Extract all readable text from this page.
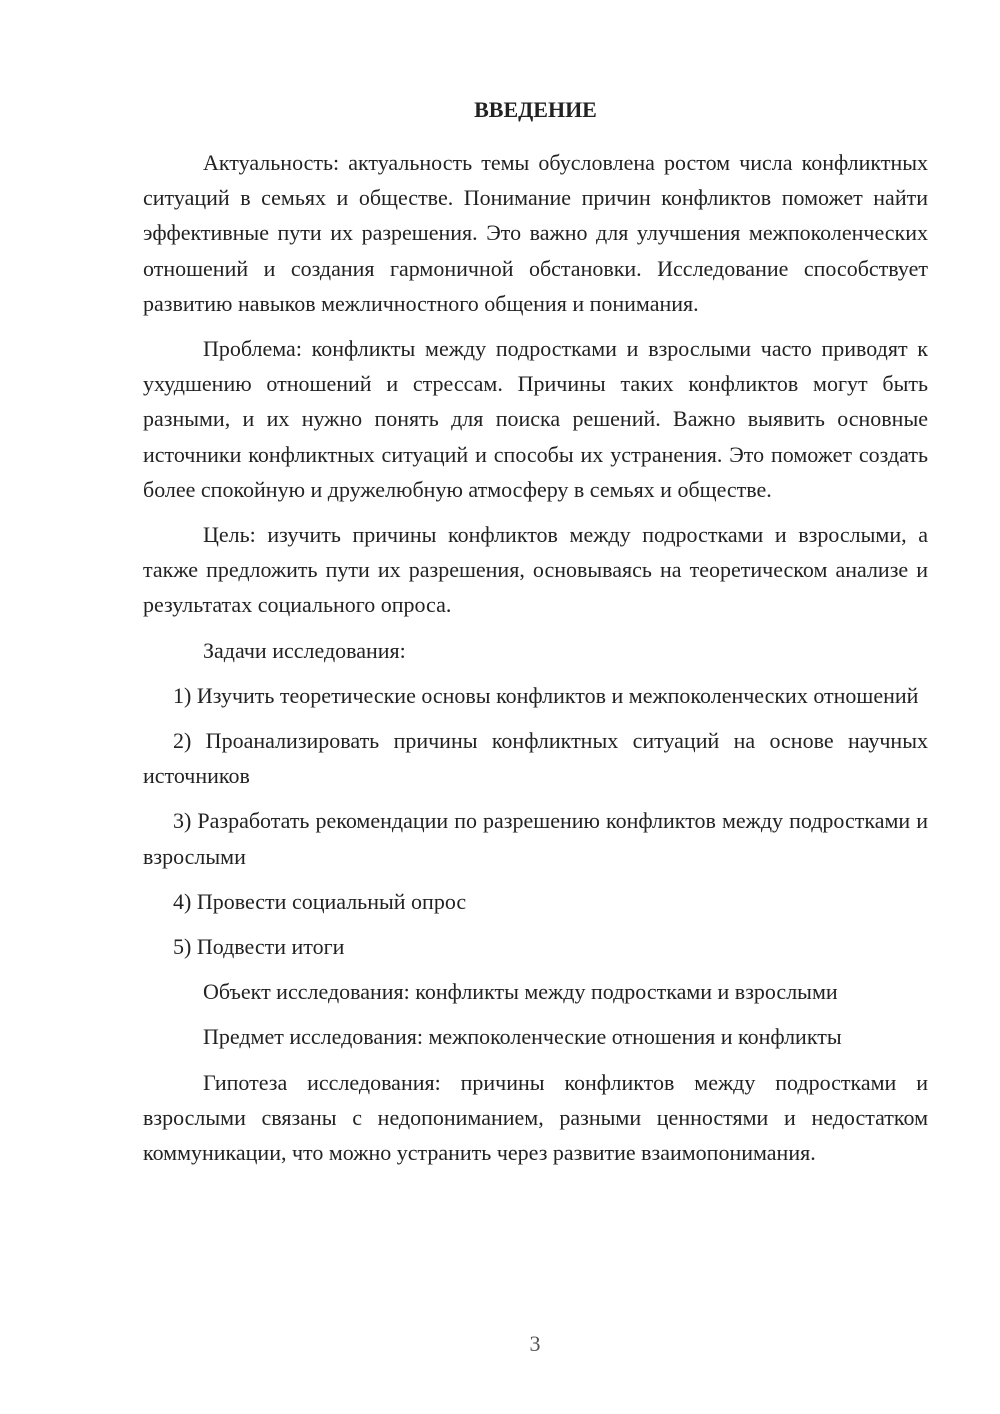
ВВЕДЕНИЕ

Актуальность: актуальность темы обусловлена ростом числа конфликтных ситуаций в семьях и обществе. Понимание причин конфликтов поможет найти эффективные пути их разрешения. Это важно для улучшения межпоколенческих отношений и создания гармоничной обстановки. Исследование способствует развитию навыков межличностного общения и понимания.

Проблема: конфликты между подростками и взрослыми часто приводят к ухудшению отношений и стрессам. Причины таких конфликтов могут быть разными, и их нужно понять для поиска решений. Важно выявить основные источники конфликтных ситуаций и способы их устранения. Это поможет создать более спокойную и дружелюбную атмосферу в семьях и обществе.

Цель: изучить причины конфликтов между подростками и взрослыми, а также предложить пути их разрешения, основываясь на теоретическом анализе и результатах социального опроса.

Задачи исследования:

1) Изучить теоретические основы конфликтов и межпоколенческих отношений

2) Проанализировать причины конфликтных ситуаций на основе научных источников

3) Разработать рекомендации по разрешению конфликтов между подростками и взрослыми

4) Провести социальный опрос

5) Подвести итоги

Объект исследования: конфликты между подростками и взрослыми

Предмет исследования: межпоколенческие отношения и конфликты

Гипотеза исследования: причины конфликтов между подростками и взрослыми связаны с недопониманием, разными ценностями и недостатком коммуникации, что можно устранить через развитие взаимопонимания.

3
